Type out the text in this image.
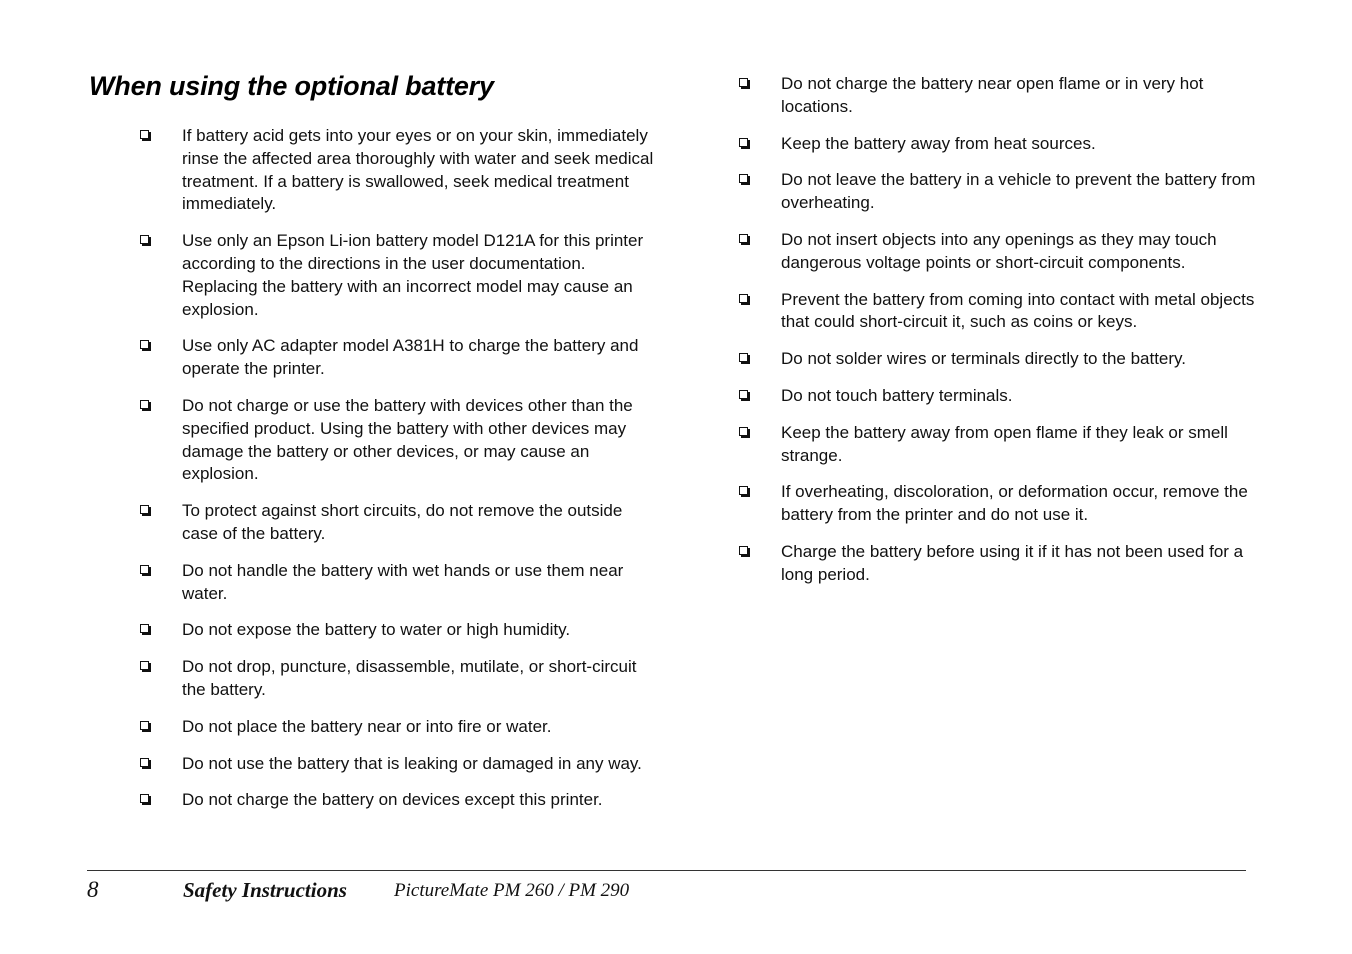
When using the optional battery
If battery acid gets into your eyes or on your skin, immediately rinse the affected area thoroughly with water and seek medical treatment. If a battery is swallowed, seek medical treatment immediately.
Use only an Epson Li-ion battery model D121A for this printer according to the directions in the user documentation. Replacing the battery with an incorrect model may cause an explosion.
Use only AC adapter model A381H to charge the battery and operate the printer.
Do not charge or use the battery with devices other than the specified product. Using the battery with other devices may damage the battery or other devices, or may cause an explosion.
To protect against short circuits, do not remove the outside case of the battery.
Do not handle the battery with wet hands or use them near water.
Do not expose the battery to water or high humidity.
Do not drop, puncture, disassemble, mutilate, or short-circuit the battery.
Do not place the battery near or into fire or water.
Do not use the battery that is leaking or damaged in any way.
Do not charge the battery on devices except this printer.
Do not charge the battery near open flame or in very hot locations.
Keep the battery away from heat sources.
Do not leave the battery in a vehicle to prevent the battery from overheating.
Do not insert objects into any openings as they may touch dangerous voltage points or short-circuit components.
Prevent the battery from coming into contact with metal objects that could short-circuit it, such as coins or keys.
Do not solder wires or terminals directly to the battery.
Do not touch battery terminals.
Keep the battery away from open flame if they leak or smell strange.
If overheating, discoloration, or deformation occur, remove the battery from the printer and do not use it.
Charge the battery before using it if it has not been used for a long period.
8	Safety Instructions PictureMate PM 260 / PM 290
